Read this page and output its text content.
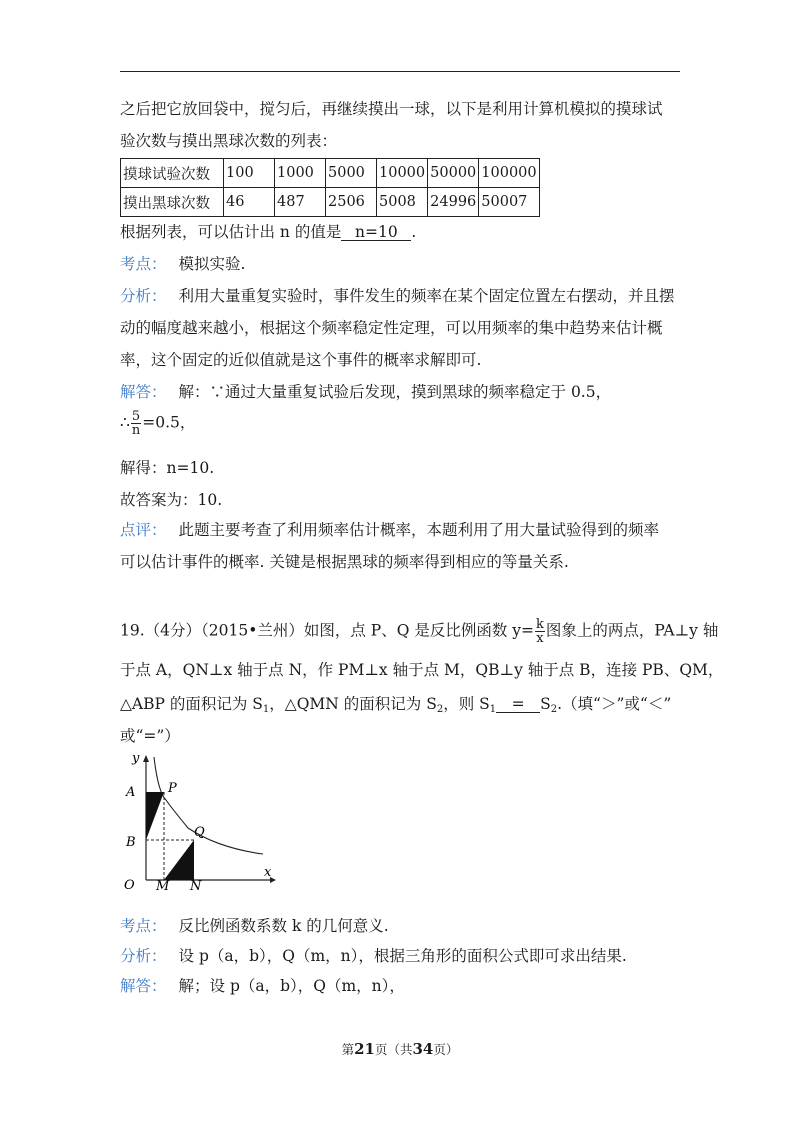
之后把它放回袋中，搅匀后，再继续摸出一球，以下是利用计算机模拟的摸球试
验次数与摸出黑球次数的列表：
摸球试验次数	100	1000	5000	10000	50000	100000
摸出黑球次数	46	487	2506	5008	24996	50007
根据列表，可以估计出 n 的值是 n=10 .
考点： 模拟实验.
分析： 利用大量重复实验时，事件发生的频率在某个固定位置左右摆动，并且摆
动的幅度越来越小，根据这个频率稳定性定理，可以用频率的集中趋势来估计概
率，这个固定的近似值就是这个事件的概率求解即可.
解答： 解：∵通过大量重复试验后发现，摸到黑球的频率稳定于 0.5，
∴ $\frac{5}{n} =0.5$，
解得：n=10.
故答案为：10.
点评： 此题主要考查了利用频率估计概率，本题利用了用大量试验得到的频率
可以估计事件的概率. 关键是根据黑球的频率得到相应的等量关系.
19.（4分）（2015•兰州）如图，点 P、Q 是反比例函数 $y= \frac{k}{x}$ 图象上的两点，PA⊥y 轴
于点 A，QN⊥x 轴于点 N，作 PM⊥x 轴于点 M，QB⊥y 轴于点 B，连接 PB、QM，
△ABP 的面积记为 $S_1$，△QMN 的面积记为 $S_2$，则 $S_1 = S_2$.（填“＞”或“＜”
或“=”）
y
x
A	P
B
Q
O M N
考点： 反比例函数系数 k 的几何意义.
分析： 设 p（a，b），Q（m，n），根据三角形的面积公式即可求出结果.
解答： 解；设 p（a，b），Q（m，n），
第21页（共34页）
